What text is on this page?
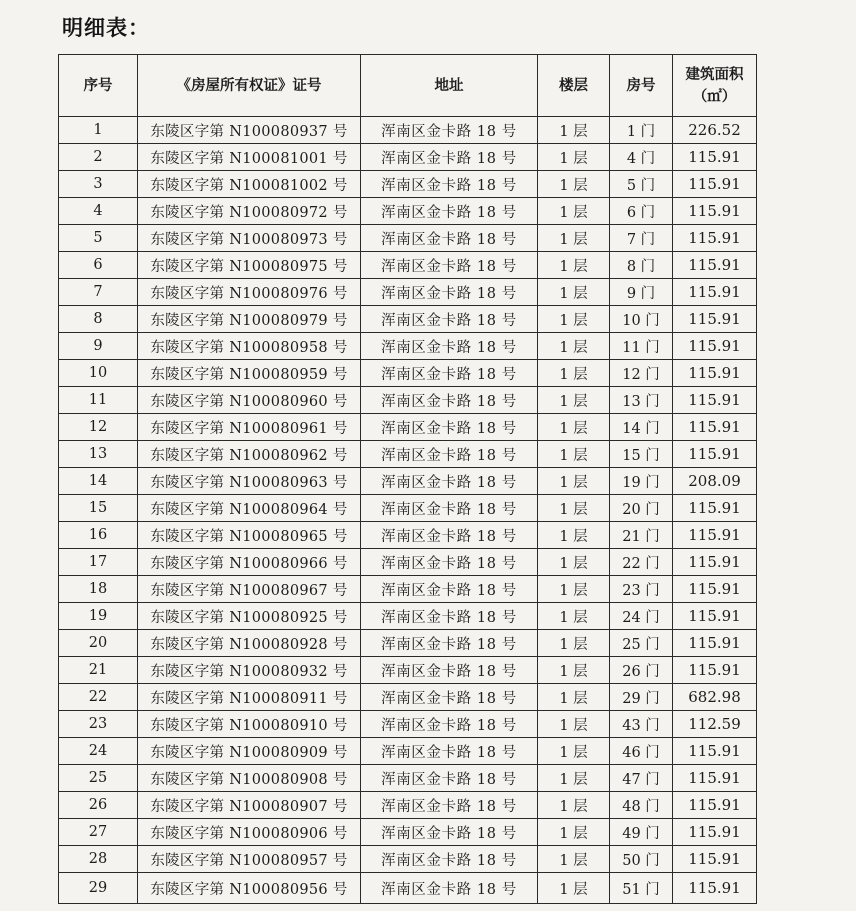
明细表：
序号	《房屋所有权证》证号	地址	楼层	房号	建筑面积
（㎡）

1	东陵区字第 N100080937 号	浑南区金卡路 18 号	1 层	1 门	226.52
2	东陵区字第 N100081001 号	浑南区金卡路 18 号	1 层	4 门	115.91
3	东陵区字第 N100081002 号	浑南区金卡路 18 号	1 层	5 门	115.91
4	东陵区字第 N100080972 号	浑南区金卡路 18 号	1 层	6 门	115.91
5	东陵区字第 N100080973 号	浑南区金卡路 18 号	1 层	7 门	115.91
6	东陵区字第 N100080975 号	浑南区金卡路 18 号	1 层	8 门	115.91
7	东陵区字第 N100080976 号	浑南区金卡路 18 号	1 层	9 门	115.91
8	东陵区字第 N100080979 号	浑南区金卡路 18 号	1 层	10 门	115.91
9	东陵区字第 N100080958 号	浑南区金卡路 18 号	1 层	11 门	115.91
10	东陵区字第 N100080959 号	浑南区金卡路 18 号	1 层	12 门	115.91
11	东陵区字第 N100080960 号	浑南区金卡路 18 号	1 层	13 门	115.91
12	东陵区字第 N100080961 号	浑南区金卡路 18 号	1 层	14 门	115.91
13	东陵区字第 N100080962 号	浑南区金卡路 18 号	1 层	15 门	115.91
14	东陵区字第 N100080963 号	浑南区金卡路 18 号	1 层	19 门	208.09
15	东陵区字第 N100080964 号	浑南区金卡路 18 号	1 层	20 门	115.91
16	东陵区字第 N100080965 号	浑南区金卡路 18 号	1 层	21 门	115.91
17	东陵区字第 N100080966 号	浑南区金卡路 18 号	1 层	22 门	115.91
18	东陵区字第 N100080967 号	浑南区金卡路 18 号	1 层	23 门	115.91
19	东陵区字第 N100080925 号	浑南区金卡路 18 号	1 层	24 门	115.91
20	东陵区字第 N100080928 号	浑南区金卡路 18 号	1 层	25 门	115.91
21	东陵区字第 N100080932 号	浑南区金卡路 18 号	1 层	26 门	115.91
22	东陵区字第 N100080911 号	浑南区金卡路 18 号	1 层	29 门	682.98
23	东陵区字第 N100080910 号	浑南区金卡路 18 号	1 层	43 门	112.59
24	东陵区字第 N100080909 号	浑南区金卡路 18 号	1 层	46 门	115.91
25	东陵区字第 N100080908 号	浑南区金卡路 18 号	1 层	47 门	115.91
26	东陵区字第 N100080907 号	浑南区金卡路 18 号	1 层	48 门	115.91
27	东陵区字第 N100080906 号	浑南区金卡路 18 号	1 层	49 门	115.91
28	东陵区字第 N100080957 号	浑南区金卡路 18 号	1 层	50 门	115.91
29	东陵区字第 N100080956 号	浑南区金卡路 18 号	1 层	51 门	115.91
